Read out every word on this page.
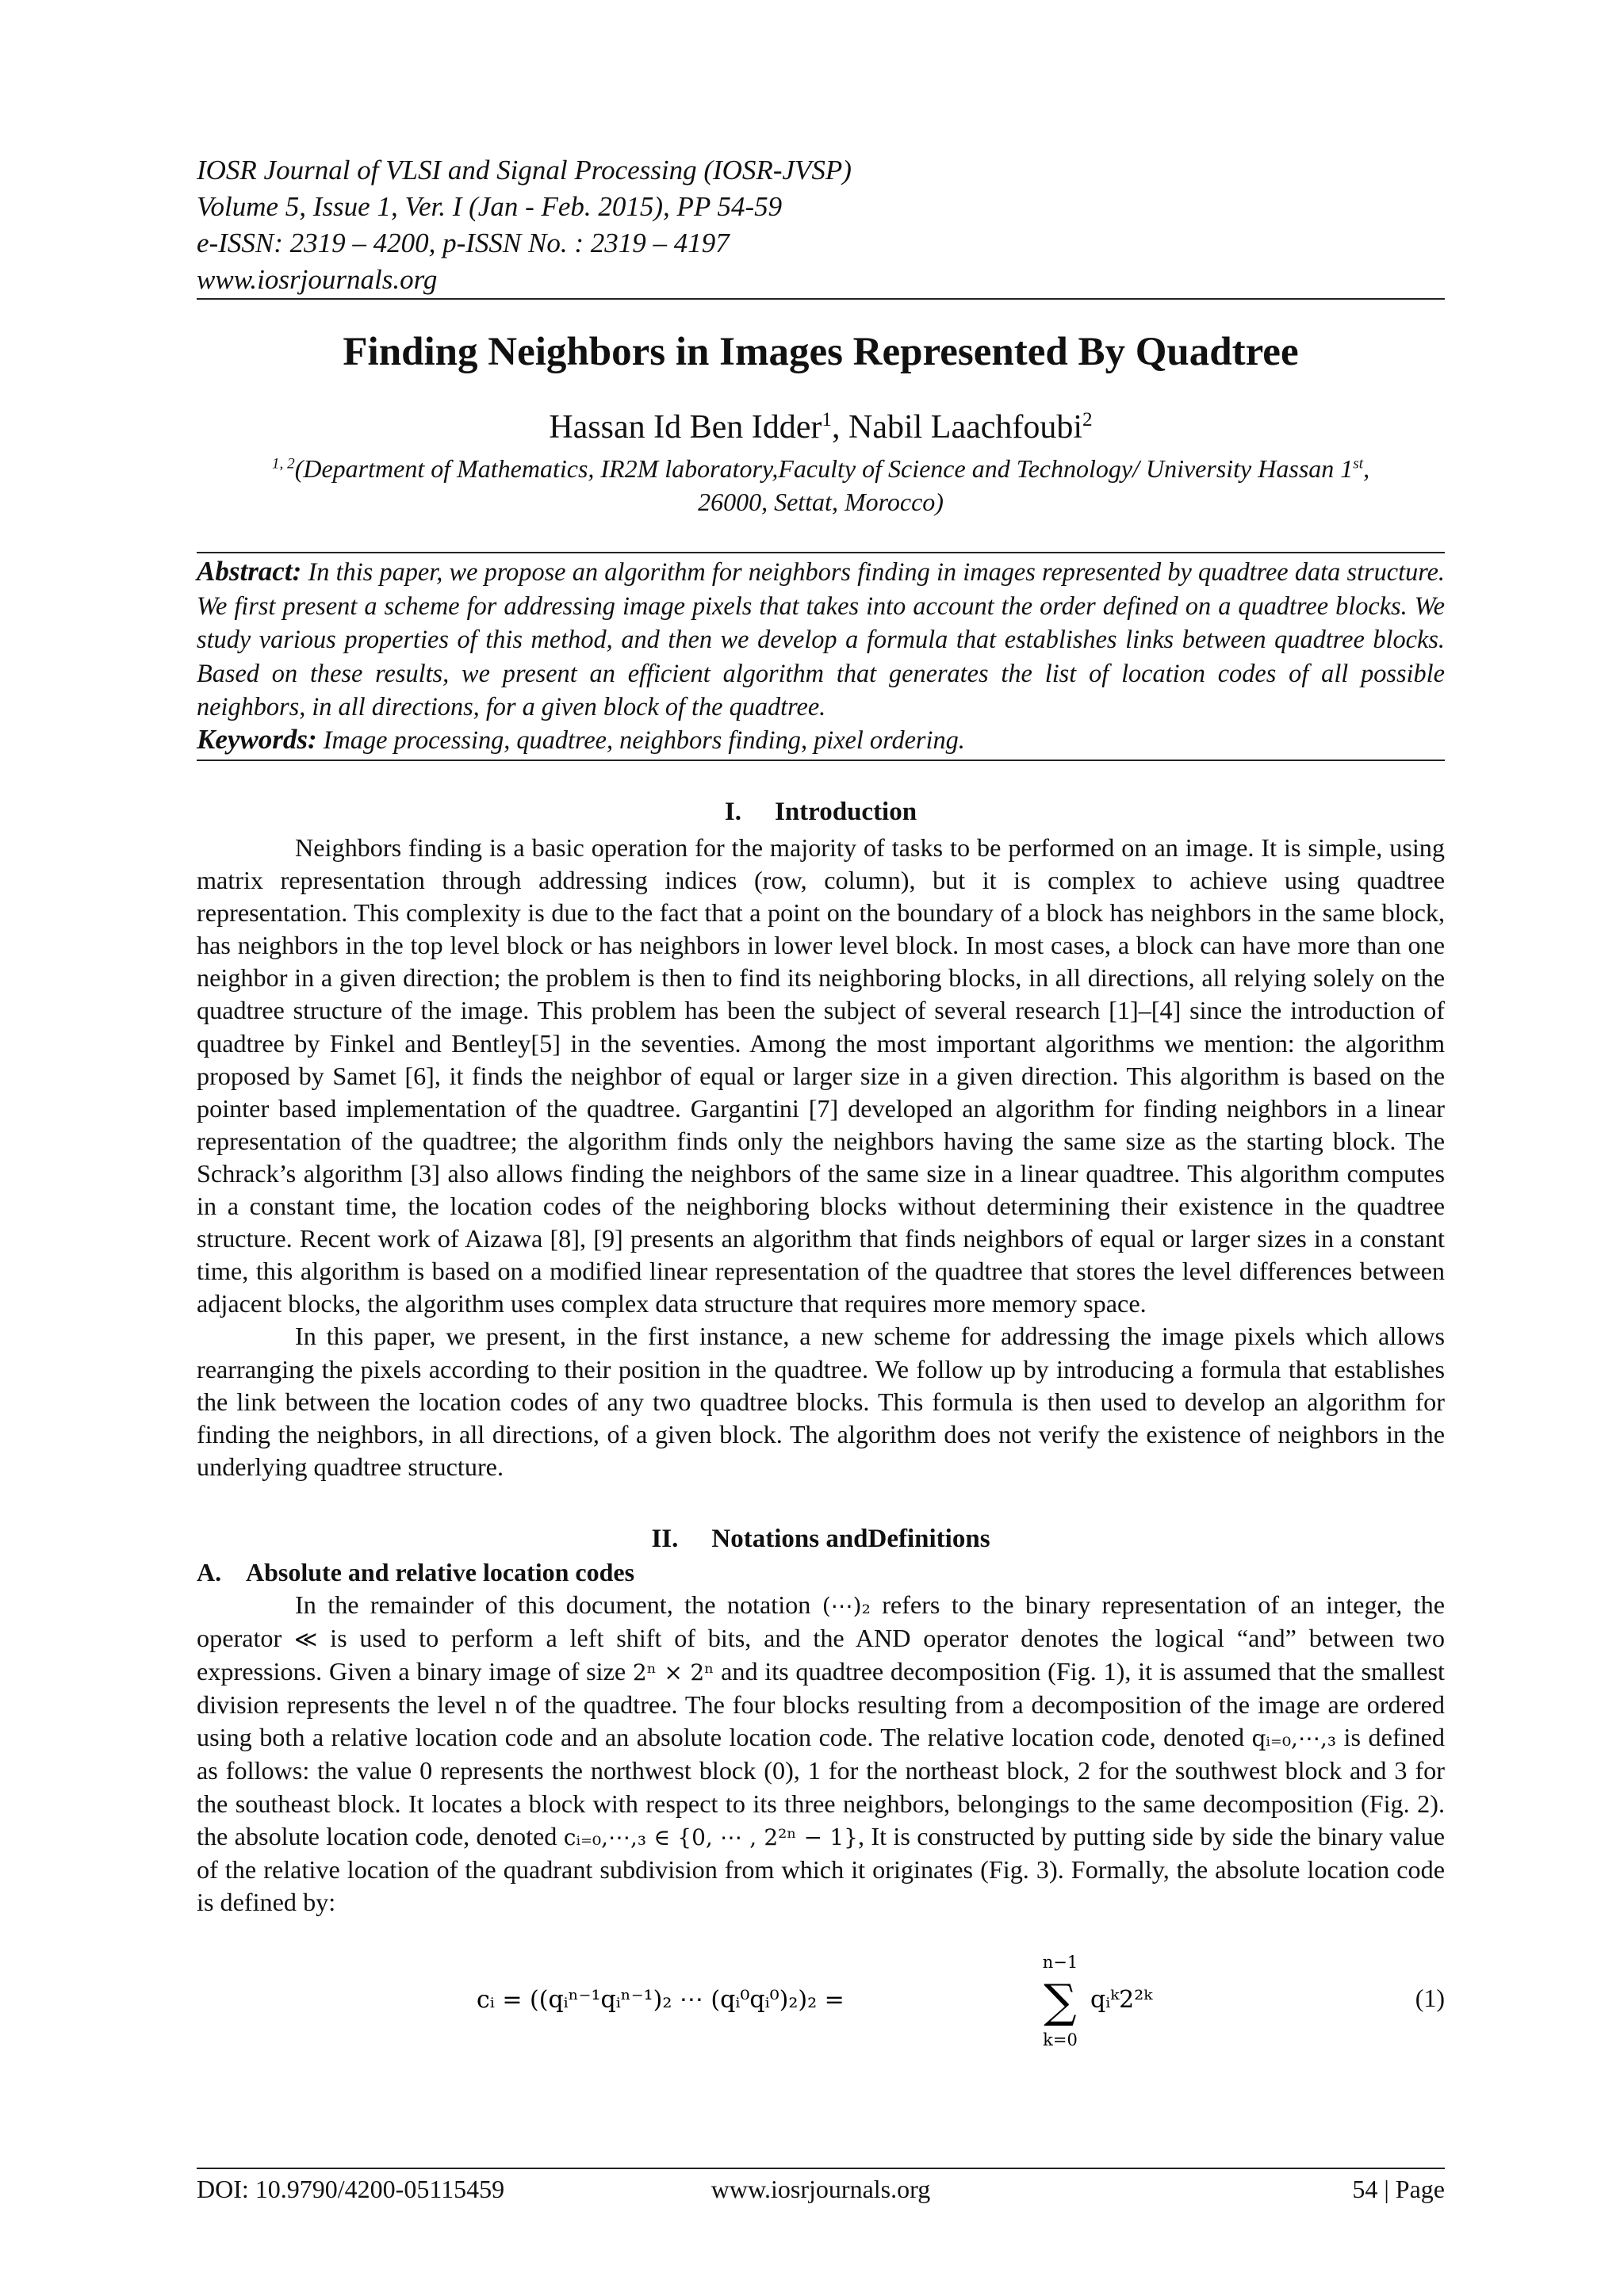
IOSR Journal of VLSI and Signal Processing (IOSR-JVSP)
Volume 5, Issue 1, Ver. I (Jan - Feb. 2015), PP 54-59
e-ISSN: 2319 – 4200, p-ISSN No. : 2319 – 4197
www.iosrjournals.org
Finding Neighbors in Images Represented By Quadtree
Hassan Id Ben Idder$^1$, Nabil Laachfoubi$^2$
$^{1, 2}$(Department of Mathematics, IR2M laboratory,Faculty of Science and Technology/ University Hassan 1st,
26000, Settat, Morocco)
Abstract: In this paper, we propose an algorithm for neighbors finding in images represented by quadtree data structure. We first present a scheme for addressing image pixels that takes into account the order defined on a quadtree blocks. We study various properties of this method, and then we develop a formula that establishes links between quadtree blocks. Based on these results, we present an efficient algorithm that generates the list of location codes of all possible neighbors, in all directions, for a given block of the quadtree.
Keywords: Image processing, quadtree, neighbors finding, pixel ordering.
I. Introduction

Neighbors finding is a basic operation for the majority of tasks to be performed on an image. It is simple, using matrix representation through addressing indices (row, column), but it is complex to achieve using quadtree representation. This complexity is due to the fact that a point on the boundary of a block has neighbors in the same block, has neighbors in the top level block or has neighbors in lower level block. In most cases, a block can have more than one neighbor in a given direction; the problem is then to find its neighboring blocks, in all directions, all relying solely on the quadtree structure of the image. This problem has been the subject of several research [1]–[4] since the introduction of quadtree by Finkel and Bentley[5] in the seventies. Among the most important algorithms we mention: the algorithm proposed by Samet [6], it finds the neighbor of equal or larger size in a given direction. This algorithm is based on the pointer based implementation of the quadtree. Gargantini [7] developed an algorithm for finding neighbors in a linear representation of the quadtree; the algorithm finds only the neighbors having the same size as the starting block. The Schrack’s algorithm [3] also allows finding the neighbors of the same size in a linear quadtree. This algorithm computes in a constant time, the location codes of the neighboring blocks without determining their existence in the quadtree structure. Recent work of Aizawa [8], [9] presents an algorithm that finds neighbors of equal or larger sizes in a constant time, this algorithm is based on a modified linear representation of the quadtree that stores the level differences between adjacent blocks, the algorithm uses complex data structure that requires more memory space.

In this paper, we present, in the first instance, a new scheme for addressing the image pixels which allows rearranging the pixels according to their position in the quadtree. We follow up by introducing a formula that establishes the link between the location codes of any two quadtree blocks. This formula is then used to develop an algorithm for finding the neighbors, in all directions, of a given block. The algorithm does not verify the existence of neighbors in the underlying quadtree structure.

II. Notations andDefinitions
A. Absolute and relative location codes

In the remainder of this document, the notation (⋯)₂ refers to the binary representation of an integer, the operator ≪ is used to perform a left shift of bits, and the AND operator denotes the logical “and” between two expressions. Given a binary image of size 2ⁿ × 2ⁿ and its quadtree decomposition (Fig. 1), it is assumed that the smallest division represents the level n of the quadtree. The four blocks resulting from a decomposition of the image are ordered using both a relative location code and an absolute location code. The relative location code, denoted qᵢ₌₀,⋯,₃ is defined as follows: the value 0 represents the northwest block (0), 1 for the northeast block, 2 for the southwest block and 3 for the southeast block. It locates a block with respect to its three neighbors, belongings to the same decomposition (Fig. 2). the absolute location code, denoted cᵢ₌₀,⋯,₃ ∈ {0, ⋯ , 2²ⁿ − 1}, It is constructed by putting side by side the binary value of the relative location of the quadrant subdivision from which it originates (Fig. 3). Formally, the absolute location code is defined by:

cᵢ = ((qᵢⁿ⁻¹qᵢⁿ⁻¹)₂ ⋯ (qᵢ⁰qᵢ⁰)₂)₂ =
n−1
∑
k=0
qᵢᵏ2²ᵏ	(1)
DOI: 10.9790/4200-05115459	www.iosrjournals.org	54 | Page
